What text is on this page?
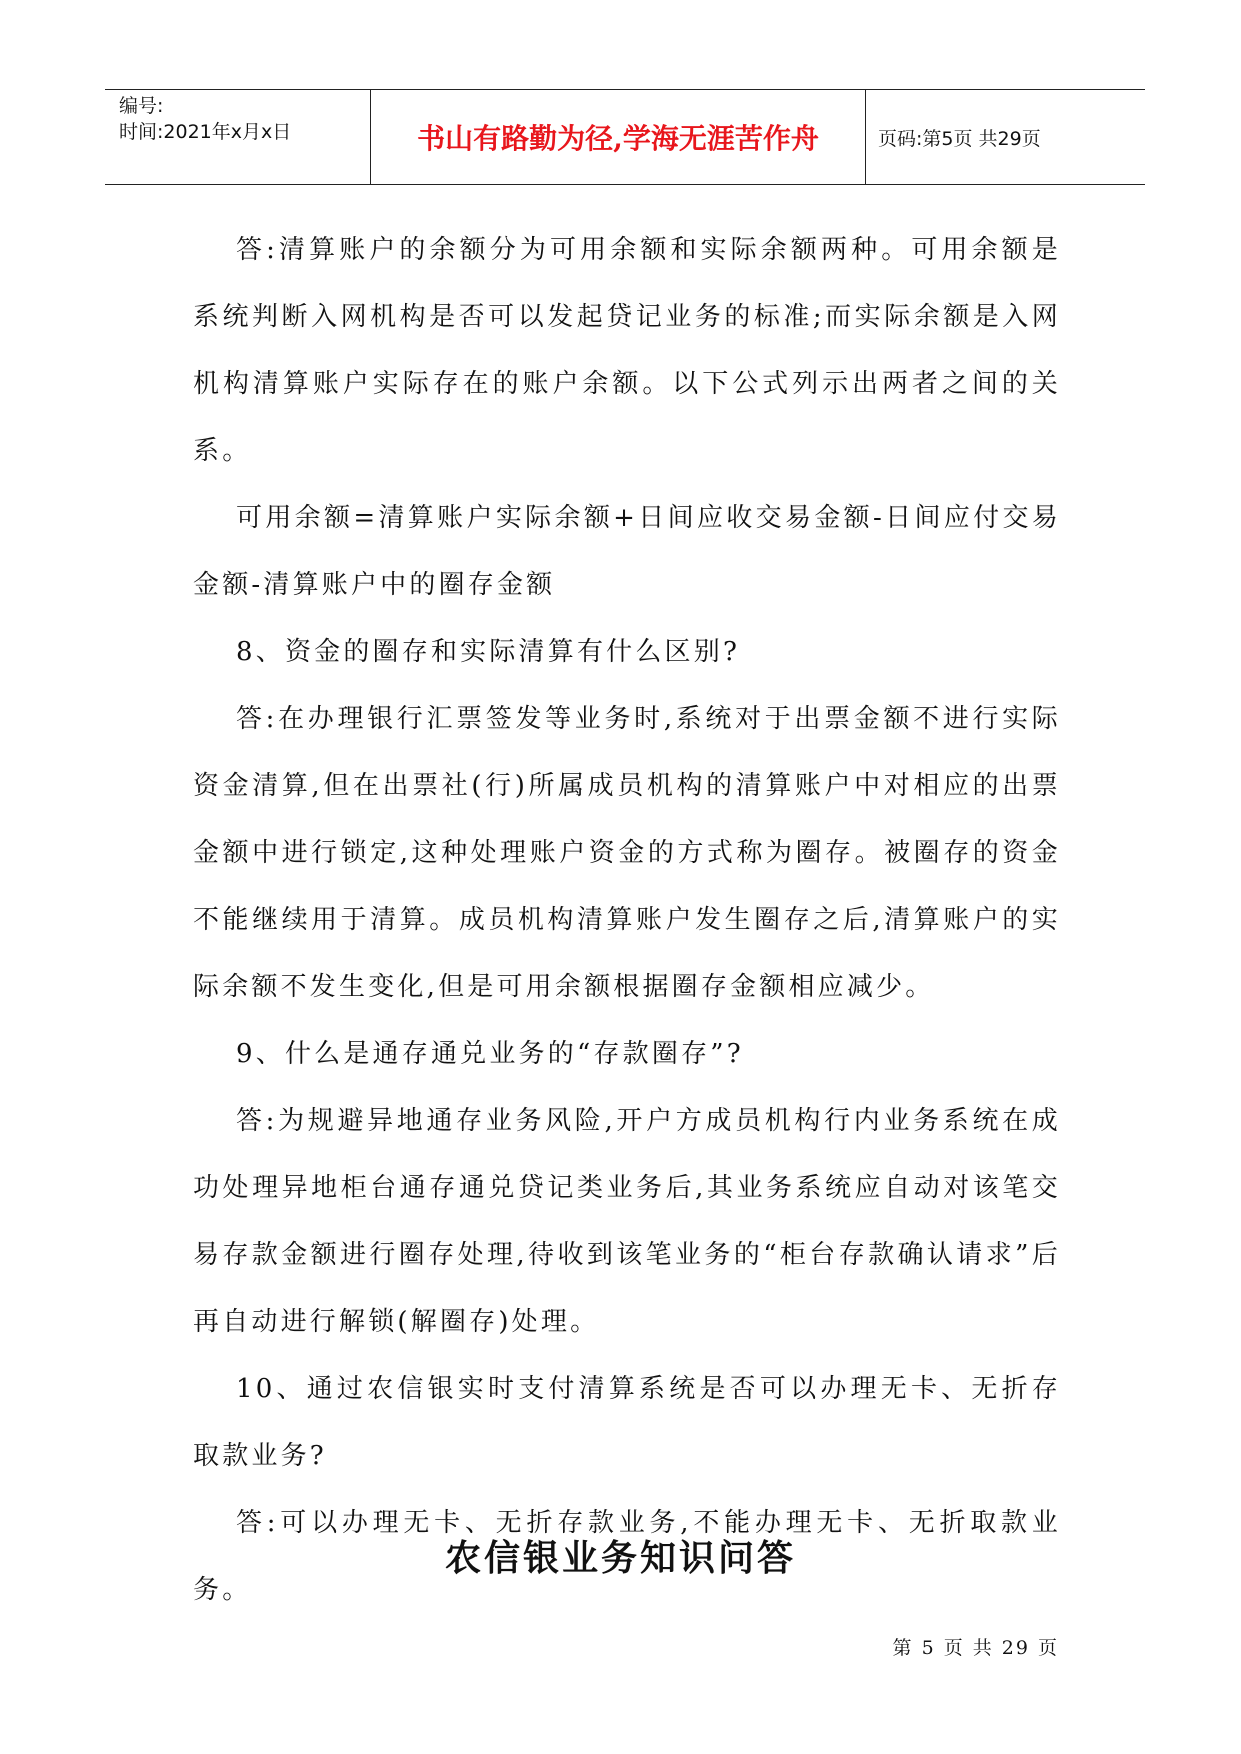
编号:
时间:2021年x月x日	书山有路勤为径,学海无涯苦作舟	页码:第5页 共29页

答:清算账户的余额分为可用余额和实际余额两种。可用余额是系统判断入网机构是否可以发起贷记业务的标准;而实际余额是入网机构清算账户实际存在的账户余额。以下公式列示出两者之间的关系。

可用余额=清算账户实际余额+日间应收交易金额-日间应付交易金额-清算账户中的圈存金额

8、资金的圈存和实际清算有什么区别?

答:在办理银行汇票签发等业务时,系统对于出票金额不进行实际资金清算,但在出票社(行)所属成员机构的清算账户中对相应的出票金额中进行锁定,这种处理账户资金的方式称为圈存。被圈存的资金不能继续用于清算。成员机构清算账户发生圈存之后,清算账户的实际余额不发生变化,但是可用余额根据圈存金额相应减少。

9、什么是通存通兑业务的“存款圈存”?

答:为规避异地通存业务风险,开户方成员机构行内业务系统在成功处理异地柜台通存通兑贷记类业务后,其业务系统应自动对该笔交易存款金额进行圈存处理,待收到该笔业务的“柜台存款确认请求”后再自动进行解锁(解圈存)处理。

10、通过农信银实时支付清算系统是否可以办理无卡、无折存取款业务?

答:可以办理无卡、无折存款业务,不能办理无卡、无折取款业务。

农信银业务知识问答
第 5 页 共 29 页
